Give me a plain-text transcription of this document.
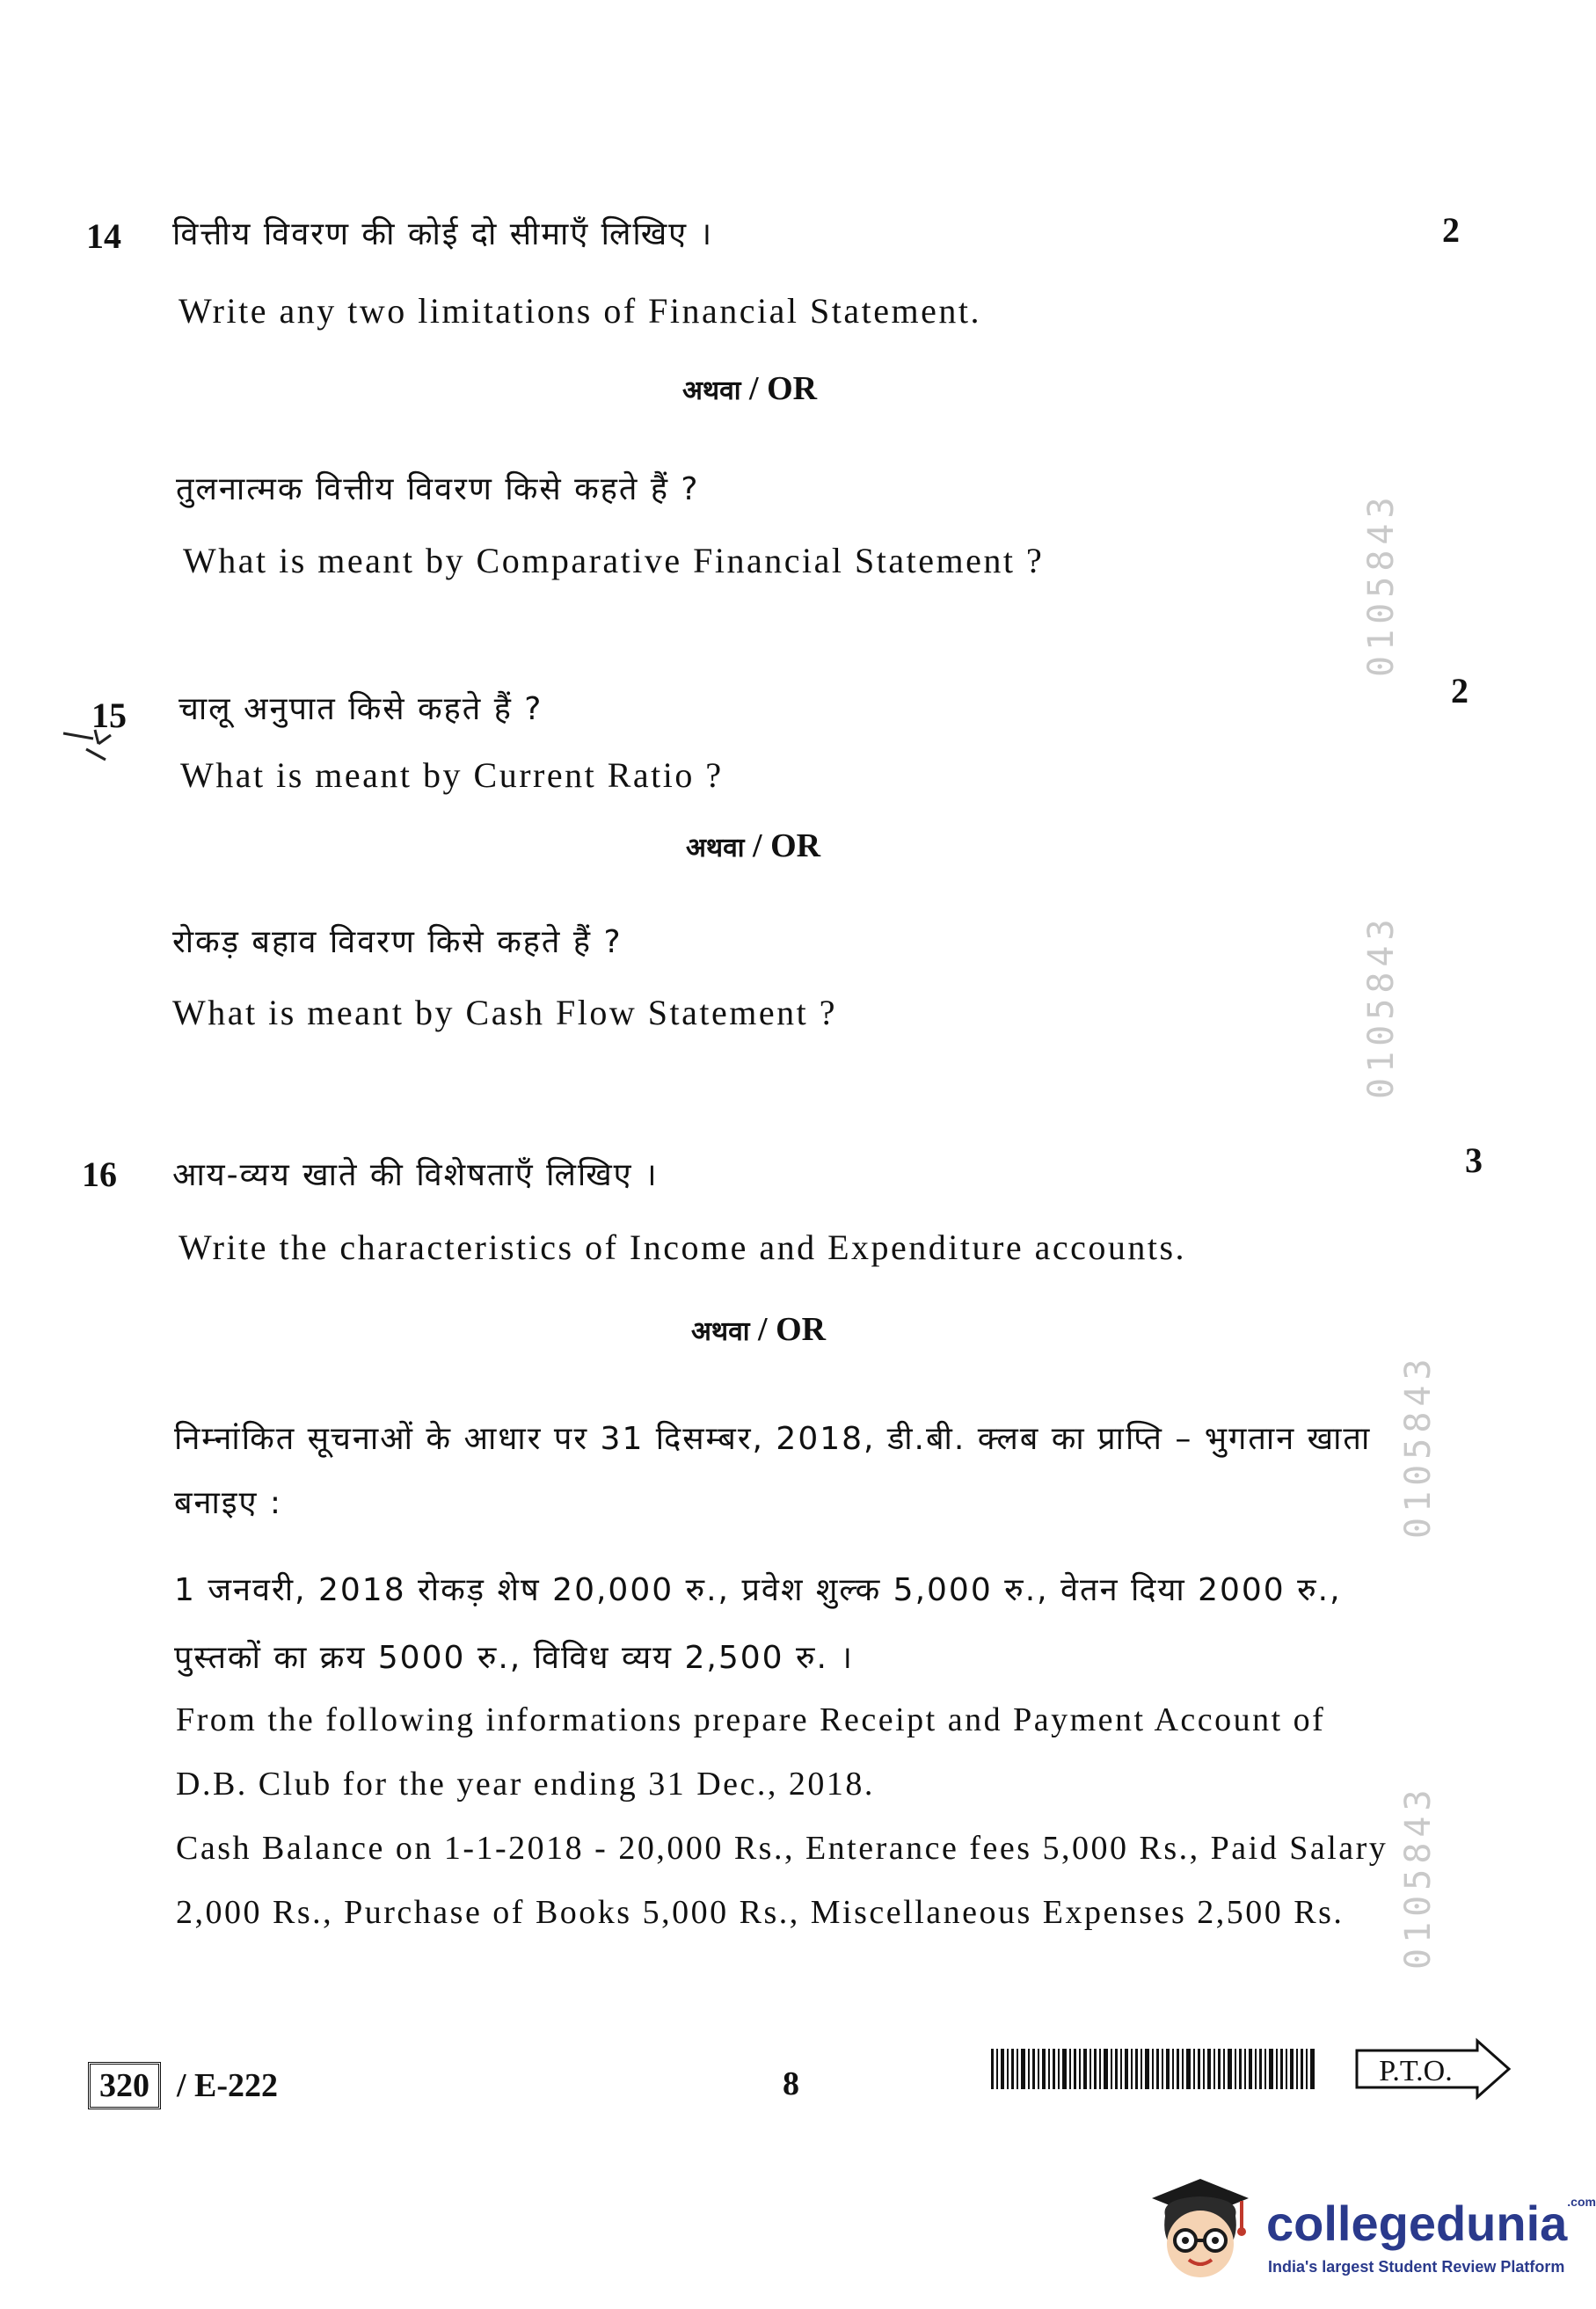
14 वित्तीय विवरण की कोई दो सीमाएँ लिखिए ।	2
Write any two limitations of Financial Statement.
अथवा / OR
तुलनात्मक वित्तीय विवरण किसे कहते हैं ?
What is meant by Comparative Financial Statement ?
15 चालू अनुपात किसे कहते हैं ?	2
What is meant by Current Ratio ?
अथवा / OR
रोकड़ बहाव विवरण किसे कहते हैं ?
What is meant by Cash Flow Statement ?
16 आय-व्यय खाते की विशेषताएँ लिखिए ।	3
Write the characteristics of Income and Expenditure accounts.
अथवा / OR
निम्नांकित सूचनाओं के आधार पर 31 दिसम्बर, 2018, डी.बी. क्लब का प्राप्ति – भुगतान खाता बनाइए :
1 जनवरी, 2018 रोकड़ शेष 20,000 रु., प्रवेश शुल्क 5,000 रु., वेतन दिया 2000 रु., पुस्तकों का क्रय 5000 रु., विविध व्यय 2,500 रु. ।
From the following informations prepare Receipt and Payment Account of D.B. Club for the year ending 31 Dec., 2018.
Cash Balance on 1-1-2018 - 20,000 Rs., Enterance fees 5,000 Rs., Paid Salary 2,000 Rs., Purchase of Books 5,000 Rs., Miscellaneous Expenses 2,500 Rs.
0105843
0105843
0105843
0105843
320 / E-222	8	P.T.O.
collegedunia$^{.com}$
India's largest Student Review Platform
